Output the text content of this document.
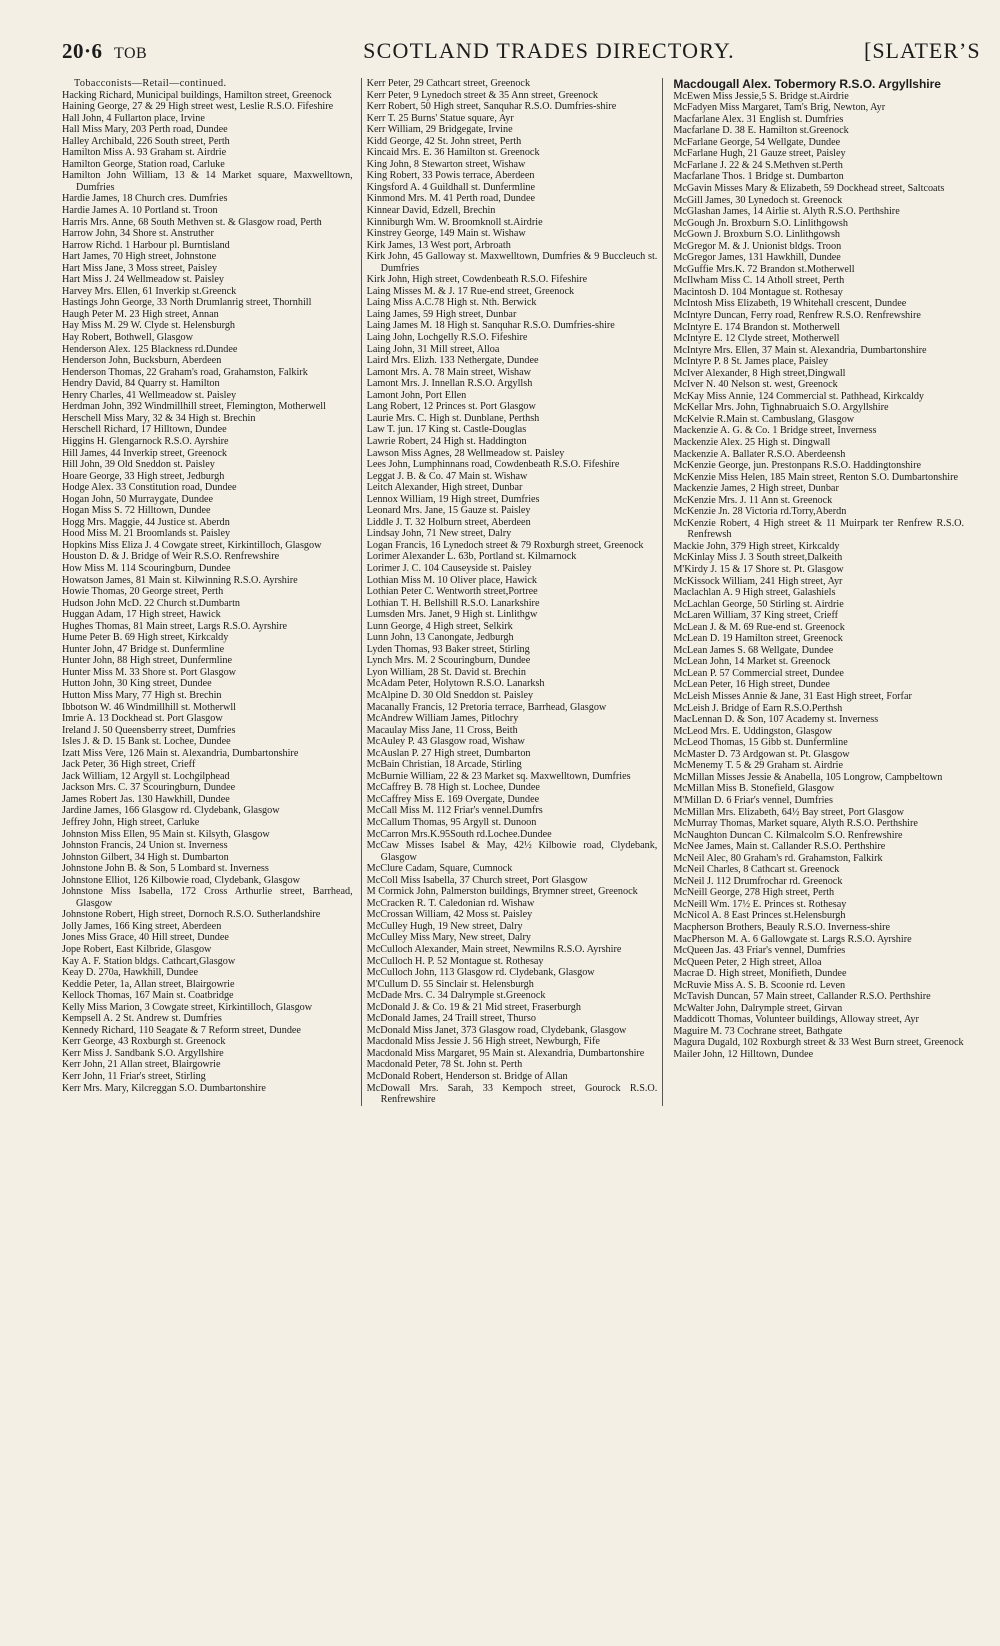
20·6 TOB	SCOTLAND TRADES DIRECTORY.	[SLATER’S
Tobacconists—Retail—continued.
Hacking Richard, Municipal buildings, Hamilton street, Greenock
Haining George, 27 & 29 High street west, Leslie R.S.O. Fifeshire
Hall John, 4 Fullarton place, Irvine
Hall Miss Mary, 203 Perth road, Dundee
Halley Archibald, 226 South street, Perth
Hamilton Miss A. 93 Graham st. Airdrie
Hamilton George, Station road, Carluke
Hamilton John William, 13 & 14 Market square, Maxwelltown, Dumfries
Hardie James, 18 Church cres. Dumfries
Hardie James A. 10 Portland st. Troon
Harris Mrs. Anne, 68 South Methven st. & Glasgow road, Perth
Harrow John, 34 Shore st. Anstruther
Harrow Richd. 1 Harbour pl. Burntisland
Hart James, 70 High street, Johnstone
Hart Miss Jane, 3 Moss street, Paisley
Hart Miss J. 24 Wellmeadow st. Paisley
Harvey Mrs. Ellen, 61 Inverkip st.Greenck
Hastings John George, 33 North Drumlanrig street, Thornhill
Haugh Peter M. 23 High street, Annan
Hay Miss M. 29 W. Clyde st. Helensburgh
Hay Robert, Bothwell, Glasgow
Henderson Alex. 125 Blackness rd.Dundee
Henderson John, Bucksburn, Aberdeen
Henderson Thomas, 22 Graham's road, Grahamston, Falkirk
Hendry David, 84 Quarry st. Hamilton
Henry Charles, 41 Wellmeadow st. Paisley
Herdman John, 392 Windmillhill street, Flemington, Motherwell
Herschell Miss Mary, 32 & 34 High st. Brechin
Herschell Richard, 17 Hilltown, Dundee
Higgins H. Glengarnock R.S.O. Ayrshire
Hill James, 44 Inverkip street, Greenock
Hill John, 39 Old Sneddon st. Paisley
Hoare George, 33 High street, Jedburgh
Hodge Alex. 33 Constitution road, Dundee
Hogan John, 50 Murraygate, Dundee
Hogan Miss S. 72 Hilltown, Dundee
Hogg Mrs. Maggie, 44 Justice st. Aberdn
Hood Miss M. 21 Broomlands st. Paisley
Hopkins Miss Eliza J. 4 Cowgate street, Kirkintilloch, Glasgow
Houston D. & J. Bridge of Weir R.S.O. Renfrewshire
How Miss M. 114 Scouringburn, Dundee
Howatson James, 81 Main st. Kilwinning R.S.O. Ayrshire
Howie Thomas, 20 George street, Perth
Hudson John McD. 22 Church st.Dumbartn
Huggan Adam, 17 High street, Hawick
Hughes Thomas, 81 Main street, Largs R.S.O. Ayrshire
Hume Peter B. 69 High street, Kirkcaldy
Hunter John, 47 Bridge st. Dunfermline
Hunter John, 88 High street, Dunfermline
Hunter Miss M. 33 Shore st. Port Glasgow
Hutton John, 30 King street, Dundee
Hutton Miss Mary, 77 High st. Brechin
Ibbotson W. 46 Windmillhill st. Motherwll
Imrie A. 13 Dockhead st. Port Glasgow
Ireland J. 50 Queensberry street, Dumfries
Isles J. & D. 15 Bank st. Lochee, Dundee
Izatt Miss Vere, 126 Main st. Alexandria, Dumbartonshire
Jack Peter, 36 High street, Crieff
Jack William, 12 Argyll st. Lochgilphead
Jackson Mrs. C. 37 Scouringburn, Dundee
James Robert Jas. 130 Hawkhill, Dundee
Jardine James, 166 Glasgow rd. Clydebank, Glasgow
Jeffrey John, High street, Carluke
Johnston Miss Ellen, 95 Main st. Kilsyth, Glasgow
Johnston Francis, 24 Union st. Inverness
Johnston Gilbert, 34 High st. Dumbarton
Johnstone John B. & Son, 5 Lombard st. Inverness
Johnstone Elliot, 126 Kilbowie road, Clydebank, Glasgow
Johnstone Miss Isabella, 172 Cross Arthurlie street, Barrhead, Glasgow
Johnstone Robert, High street, Dornoch R.S.O. Sutherlandshire
Jolly James, 166 King street, Aberdeen
Jones Miss Grace, 40 Hill street, Dundee
Jope Robert, East Kilbride, Glasgow
Kay A. F. Station bldgs. Cathcart,Glasgow
Keay D. 270a, Hawkhill, Dundee
Keddie Peter, 1a, Allan street, Blairgowrie
Kellock Thomas, 167 Main st. Coatbridge
Kelly Miss Marion, 3 Cowgate street, Kirkintilloch, Glasgow
Kempsell A. 2 St. Andrew st. Dumfries
Kennedy Richard, 110 Seagate & 7 Reform street, Dundee
Kerr George, 43 Roxburgh st. Greenock
Kerr Miss J. Sandbank S.O. Argyllshire
Kerr John, 21 Allan street, Blairgowrie
Kerr John, 11 Friar's street, Stirling
Kerr Mrs. Mary, Kilcreggan S.O. Dumbartonshire
Kerr Peter, 29 Cathcart street, Greenock
Kerr Peter, 9 Lynedoch street & 35 Ann street, Greenock
Kerr Robert, 50 High street, Sanquhar R.S.O. Dumfries-shire
Kerr T. 25 Burns' Statue square, Ayr
Kerr William, 29 Bridgegate, Irvine
Kidd George, 42 St. John street, Perth
Kincaid Mrs. E. 36 Hamilton st. Greenock
King John, 8 Stewarton street, Wishaw
King Robert, 33 Powis terrace, Aberdeen
Kingsford A. 4 Guildhall st. Dunfermline
Kinmond Mrs. M. 41 Perth road, Dundee
Kinnear David, Edzell, Brechin
Kinniburgh Wm. W. Broomknoll st.Airdrie
Kinstrey George, 149 Main st. Wishaw
Kirk James, 13 West port, Arbroath
Kirk John, 45 Galloway st. Maxwelltown, Dumfries & 9 Buccleuch st. Dumfries
Kirk John, High street, Cowdenbeath R.S.O. Fifeshire
Laing Misses M. & J. 17 Rue-end street, Greenock
Laing Miss A.C.78 High st. Nth. Berwick
Laing James, 59 High street, Dunbar
Laing James M. 18 High st. Sanquhar R.S.O. Dumfries-shire
Laing John, Lochgelly R.S.O. Fifeshire
Laing John, 31 Mill street, Alloa
Laird Mrs. Elizh. 133 Nethergate, Dundee
Lamont Mrs. A. 78 Main street, Wishaw
Lamont Mrs. J. Innellan R.S.O. Argyllsh
Lamont John, Port Ellen
Lang Robert, 12 Princes st. Port Glasgow
Laurie Mrs. C. High st. Dunblane, Perthsh
Law T. jun. 17 King st. Castle-Douglas
Lawrie Robert, 24 High st. Haddington
Lawson Miss Agnes, 28 Wellmeadow st. Paisley
Lees John, Lumphinnans road, Cowdenbeath R.S.O. Fifeshire
Leggat J. B. & Co. 47 Main st. Wishaw
Leitch Alexander, High street, Dunbar
Lennox William, 19 High street, Dumfries
Leonard Mrs. Jane, 15 Gauze st. Paisley
Liddle J. T. 32 Holburn street, Aberdeen
Lindsay John, 71 New street, Dalry
Logan Francis, 16 Lynedoch street & 79 Roxburgh street, Greenock
Lorimer Alexander L. 63b, Portland st. Kilmarnock
Lorimer J. C. 104 Causeyside st. Paisley
Lothian Miss M. 10 Oliver place, Hawick
Lothian Peter C. Wentworth street,Portree
Lothian T. H. Bellshill R.S.O. Lanarkshire
Lumsden Mrs. Janet, 9 High st. Linlithgw
Lunn George, 4 High street, Selkirk
Lunn John, 13 Canongate, Jedburgh
Lyden Thomas, 93 Baker street, Stirling
Lynch Mrs. M. 2 Scouringburn, Dundee
Lyon William, 28 St. David st. Brechin
McAdam Peter, Holytown R.S.O. Lanarksh
McAlpine D. 30 Old Sneddon st. Paisley
Macanally Francis, 12 Pretoria terrace, Barrhead, Glasgow
McAndrew William James, Pitlochry
Macaulay Miss Jane, 11 Cross, Beith
McAuley P. 43 Glasgow road, Wishaw
McAuslan P. 27 High street, Dumbarton
McBain Christian, 18 Arcade, Stirling
McBurnie William, 22 & 23 Market sq. Maxwelltown, Dumfries
McCaffrey B. 78 High st. Lochee, Dundee
McCaffrey Miss E. 169 Overgate, Dundee
McCall Miss M. 112 Friar's vennel.Dumfrs
McCallum Thomas, 95 Argyll st. Dunoon
McCarron Mrs.K.95South rd.Lochee.Dundee
McCaw Misses Isabel & May, 42½ Kilbowie road, Clydebank, Glasgow
McClure Cadam, Square, Cumnock
McColl Miss Isabella, 37 Church street, Port Glasgow
M Cormick John, Palmerston buildings, Brymner street, Greenock
McCracken R. T. Caledonian rd. Wishaw
McCrossan William, 42 Moss st. Paisley
McCulley Hugh, 19 New street, Dalry
McCulley Miss Mary, New street, Dalry
McCulloch Alexander, Main street, Newmilns R.S.O. Ayrshire
McCulloch H. P. 52 Montague st. Rothesay
McCulloch John, 113 Glasgow rd. Clydebank, Glasgow
M'Cullum D. 55 Sinclair st. Helensburgh
McDade Mrs. C. 34 Dalrymple st.Greenock
McDonald J. & Co. 19 & 21 Mid street, Fraserburgh
McDonald James, 24 Traill street, Thurso
McDonald Miss Janet, 373 Glasgow road, Clydebank, Glasgow
Macdonald Miss Jessie J. 56 High street, Newburgh, Fife
Macdonald Miss Margaret, 95 Main st. Alexandria, Dumbartonshire
Macdonald Peter, 78 St. John st. Perth
McDonald Robert, Henderson st. Bridge of Allan
McDowall Mrs. Sarah, 33 Kempoch street, Gourock R.S.O. Renfrewshire
Macdougall Alex. Tobermory R.S.O. Argyllshire
McEwen Miss Jessie,5 S. Bridge st.Airdrie
McFadyen Miss Margaret, Tam's Brig, Newton, Ayr
Macfarlane Alex. 31 English st. Dumfries
Macfarlane D. 38 E. Hamilton st.Greenock
McFarlane George, 54 Wellgate, Dundee
McFarlane Hugh, 21 Gauze street, Paisley
McFarlane J. 22 & 24 S.Methven st.Perth
Macfarlane Thos. 1 Bridge st. Dumbarton
McGavin Misses Mary & Elizabeth, 59 Dockhead street, Saltcoats
McGill James, 30 Lynedoch st. Greenock
McGlashan James, 14 Airlie st. Alyth R.S.O. Perthshire
McGough Jn. Broxburn S.O. Linlithgowsh
McGown J. Broxburn S.O. Linlithgowsh
McGregor M. & J. Unionist bldgs. Troon
McGregor James, 131 Hawkhill, Dundee
McGuffie Mrs.K. 72 Brandon st.Motherwell
McIlwham Miss C. 14 Atholl street, Perth
Macintosh D. 104 Montague st. Rothesay
McIntosh Miss Elizabeth, 19 Whitehall crescent, Dundee
McIntyre Duncan, Ferry road, Renfrew R.S.O. Renfrewshire
McIntyre E. 174 Brandon st. Motherwell
McIntyre E. 12 Clyde street, Motherwell
McIntyre Mrs. Ellen, 37 Main st. Alexandria, Dumbartonshire
McIntyre P. 8 St. James place, Paisley
McIver Alexander, 8 High street,Dingwall
McIver N. 40 Nelson st. west, Greenock
McKay Miss Annie, 124 Commercial st. Pathhead, Kirkcaldy
McKellar Mrs. John, Tighnabruaich S.O. Argyllshire
McKelvie R.Main st. Cambuslang, Glasgow
Mackenzie A. G. & Co. 1 Bridge street, Inverness
Mackenzie Alex. 25 High st. Dingwall
Mackenzie A. Ballater R.S.O. Aberdeensh
McKenzie George, jun. Prestonpans R.S.O. Haddingtonshire
McKenzie Miss Helen, 185 Main street, Renton S.O. Dumbartonshire
Mackenzie James, 2 High street, Dunbar
McKenzie Mrs. J. 11 Ann st. Greenock
McKenzie Jn. 28 Victoria rd.Torry,Aberdn
McKenzie Robert, 4 High street & 11 Muirpark ter Renfrew R.S.O. Renfrewsh
Mackie John, 379 High street, Kirkcaldy
McKinlay Miss J. 3 South street,Dalkeith
M'Kirdy J. 15 & 17 Shore st. Pt. Glasgow
McKissock William, 241 High street, Ayr
Maclachlan A. 9 High street, Galashiels
McLachlan George, 50 Stirling st. Airdrie
McLaren William, 37 King street, Crieff
McLean J. & M. 69 Rue-end st. Greenock
McLean D. 19 Hamilton street, Greenock
McLean James S. 68 Wellgate, Dundee
McLean John, 14 Market st. Greenock
McLean P. 57 Commercial street, Dundee
McLean Peter, 16 High street, Dundee
McLeish Misses Annie & Jane, 31 East High street, Forfar
McLeish J. Bridge of Earn R.S.O.Perthsh
MacLennan D. & Son, 107 Academy st. Inverness
McLeod Mrs. E. Uddingston, Glasgow
McLeod Thomas, 15 Gibb st. Dunfermline
McMaster D. 73 Ardgowan st. Pt. Glasgow
McMenemy T. 5 & 29 Graham st. Airdrie
McMillan Misses Jessie & Anabella, 105 Longrow, Campbeltown
McMillan Miss B. Stonefield, Glasgow
M'Millan D. 6 Friar's vennel, Dumfries
McMillan Mrs. Elizabeth, 64½ Bay street, Port Glasgow
McMurray Thomas, Market square, Alyth R.S.O. Perthshire
McNaughton Duncan C. Kilmalcolm S.O. Renfrewshire
McNee James, Main st. Callander R.S.O. Perthshire
McNeil Alec, 80 Graham's rd. Grahamston, Falkirk
McNeil Charles, 8 Cathcart st. Greenock
McNeil J. 112 Drumfrochar rd. Greenock
McNeill George, 278 High street, Perth
McNeill Wm. 17½ E. Princes st. Rothesay
McNicol A. 8 East Princes st.Helensburgh
Macpherson Brothers, Beauly R.S.O. Inverness-shire
MacPherson M. A. 6 Gallowgate st. Largs R.S.O. Ayrshire
McQueen Jas. 43 Friar's vennel, Dumfries
McQueen Peter, 2 High street, Alloa
Macrae D. High street, Monifieth, Dundee
McRuvie Miss A. S. B. Scoonie rd. Leven
McTavish Duncan, 57 Main street, Callander R.S.O. Perthshire
McWalter John, Dalrymple street, Girvan
Maddicott Thomas, Volunteer buildings, Alloway street, Ayr
Maguire M. 73 Cochrane street, Bathgate
Magura Dugald, 102 Roxburgh street & 33 West Burn street, Greenock
Mailer John, 12 Hilltown, Dundee
